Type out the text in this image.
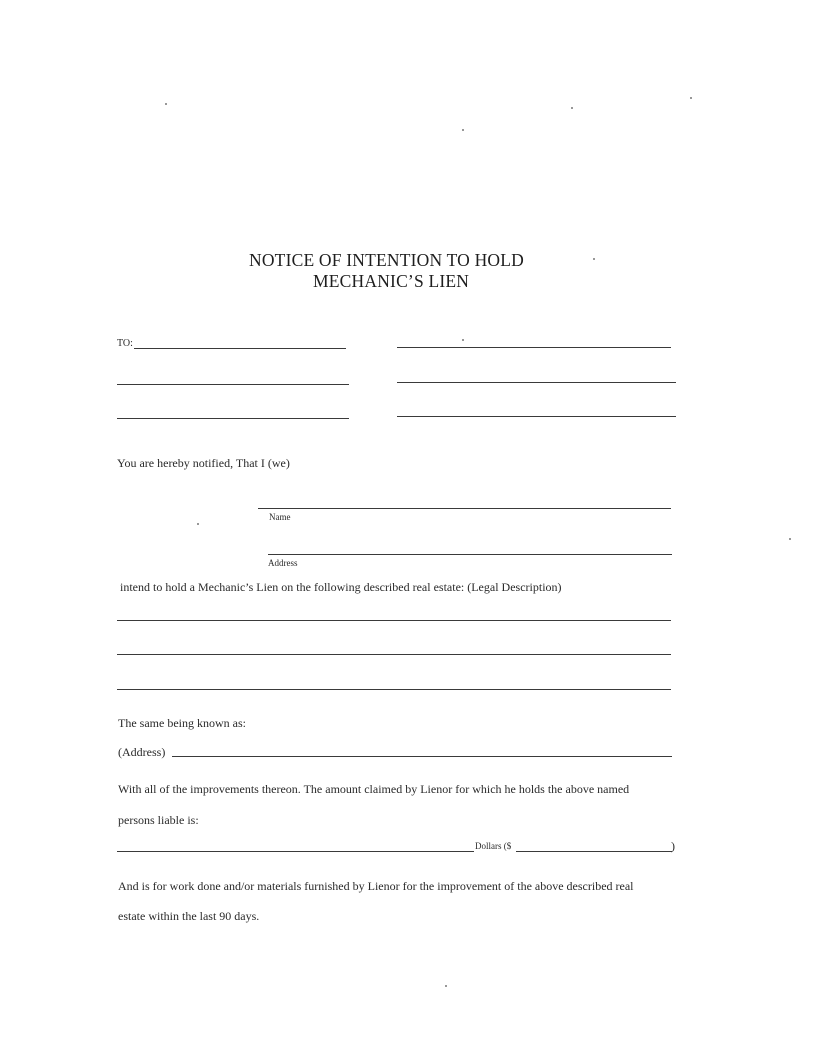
NOTICE OF INTENTION TO HOLD
MECHANIC’S LIEN
TO:
You are hereby notified, That I (we)
Name
Address
intend to hold a Mechanic’s Lien on the following described real estate: (Legal Description)
The same being known as:
(Address)
With all of the improvements thereon. The amount claimed by Lienor for which he holds the above named
persons liable is:
Dollars ($	)
And is for work done and/or materials furnished by Lienor for the improvement of the above described real
estate within the last 90 days.
